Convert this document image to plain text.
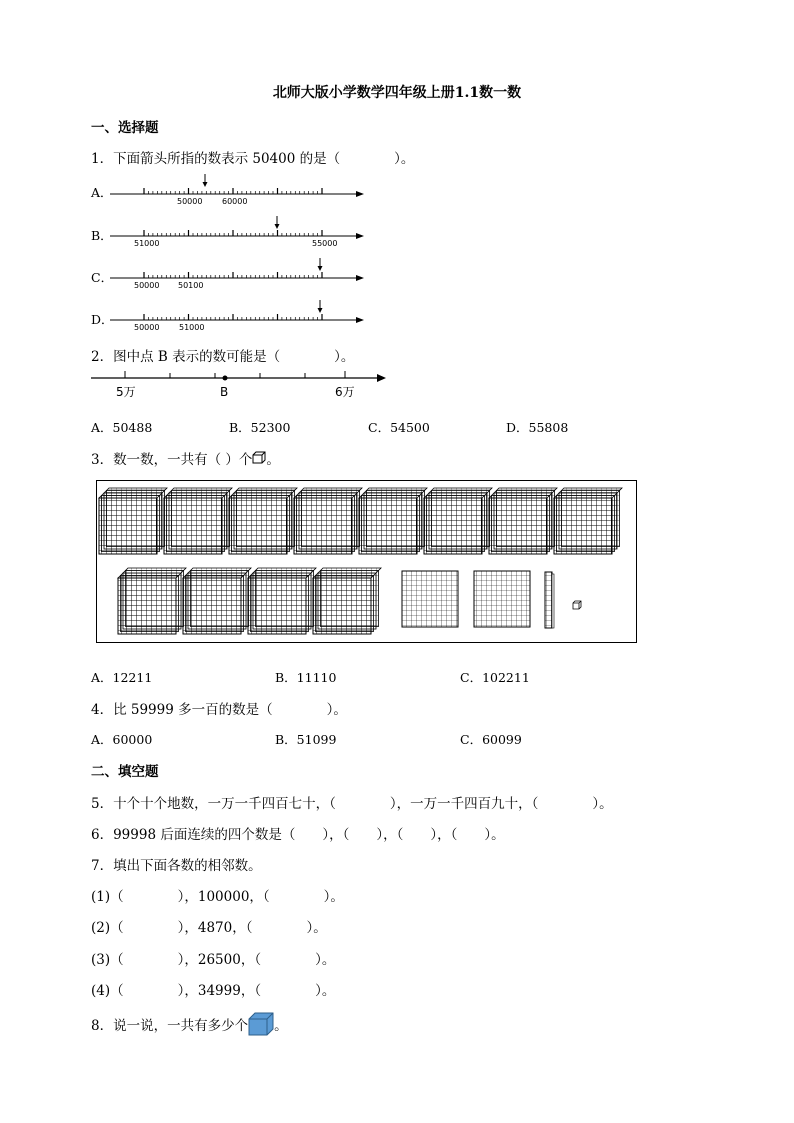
北师大版小学数学四年级上册1.1数一数
一、选择题
1．下面箭头所指的数表示 50400 的是（　　　　）。
A．
50000 60000
B．
51000	55000
C．
50000 50100
D．
50000 51000
2．图中点 B 表示的数可能是（　　　　）。
5万	B	6万
A．50488	B．52300	C．54500	D．55808
3．数一数，一共有（ ）个 。
A．12211	B．11110	C．102211
4．比 59999 多一百的数是（　　　　）。
A．60000	B．51099	C．60099
二、填空题
5．十个十个地数，一万一千四百七十，（　　　　），一万一千四百九十，（　　　　）。
6．99998 后面连续的四个数是（　　），（　　），（　　），（　　）。
7．填出下面各数的相邻数。
(1)（　　　　），100000，（　　　　）。
(2)（　　　　），4870，（　　　　）。
(3)（　　　　），26500，（　　　　）。
(4)（　　　　），34999，（　　　　）。
8．说一说，一共有多少个 。
